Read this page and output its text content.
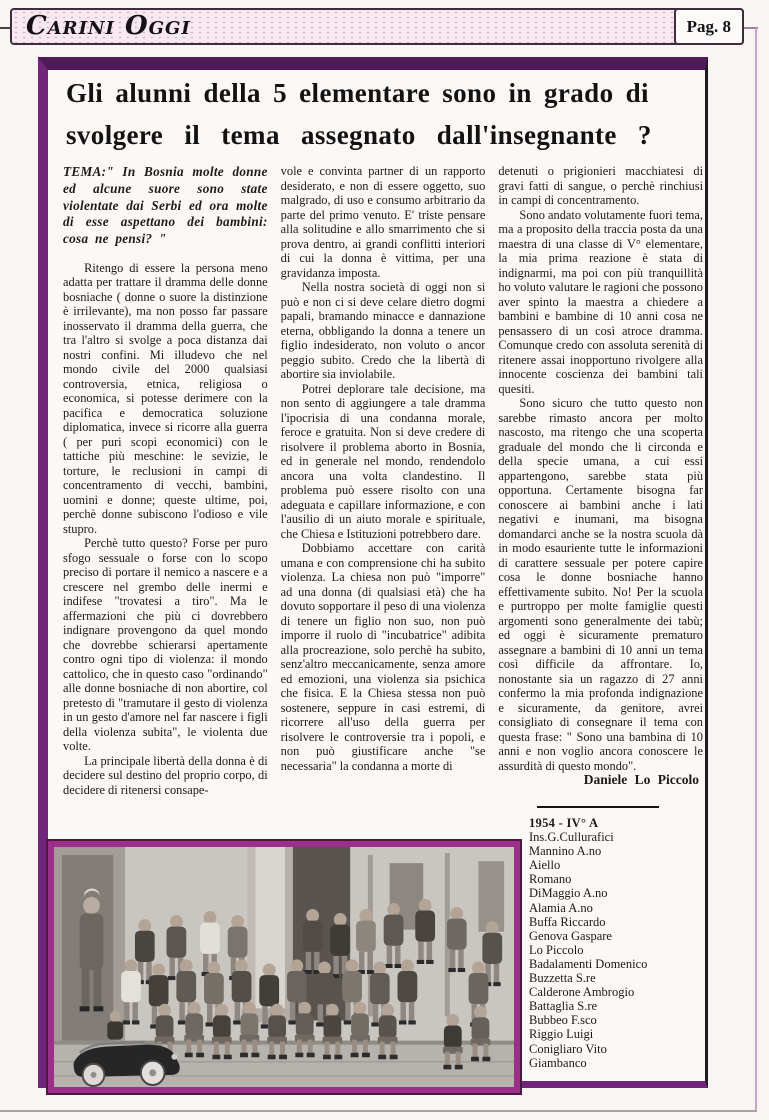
Carini Oggi	Pag. 8
Gli alunni della 5 elementare sono in grado di
svolgere il tema assegnato dall'insegnante ?

TEMA:" In Bosnia molte donne ed alcune suore sono state violentate dai Serbi ed ora molte di esse aspettano dei bambini: cosa ne pensi? "

Ritengo di essere la persona meno adatta per trattare il dramma delle donne bosniache ( donne o suore la distinzione è irrilevante), ma non posso far passare inosservato il dramma della guerra, che tra l'altro si svolge a poca distanza dai nostri confini. Mi illudevo che nel mondo civile del 2000 qualsiasi controversia, etnica, religiosa o economica, si potesse derimere con la pacifica e democratica soluzione diplomatica, invece si ricorre alla guerra ( per puri scopi economici) con le tattiche più meschine: le sevizie, le torture, le reclusioni in campi di concentramento di vecchi, bambini, uomini e donne; queste ultime, poi, perchè donne subiscono l'odioso e vile stupro.

Perchè tutto questo? Forse per puro sfogo sessuale o forse con lo scopo preciso di portare il nemico a nascere e a crescere nel grembo delle inermi e indifese "trovatesi a tiro". Ma le affermazioni che più ci dovrebbero indignare provengono da quel mondo che dovrebbe schierarsi apertamente contro ogni tipo di violenza: il mondo cattolico, che in questo caso "ordinando" alle donne bosniache di non abortire, col pretesto di "tramutare il gesto di violenza in un gesto d'amore nel far nascere i figli della violenza subita", le violenta due volte.

La principale libertà della donna è di decidere sul destino del proprio corpo, di decidere di ritenersi consape-

vole e convinta partner di un rapporto desiderato, e non di essere oggetto, suo malgrado, di uso e consumo arbitrario da parte del primo venuto. E' triste pensare alla solitudine e allo smarrimento che si prova dentro, ai grandi conflitti interiori di cui la donna è vittima, per una gravidanza imposta.

Nella nostra società di oggi non si può e non ci si deve celare dietro dogmi papali, bramando minacce e dannazione eterna, obbligando la donna a tenere un figlio indesiderato, non voluto o ancor peggio subito. Credo che la libertà di abortire sia inviolabile.

Potrei deplorare tale decisione, ma non sento di aggiungere a tale dramma l'ipocrisia di una condanna morale, feroce e gratuita. Non si deve credere di risolvere il problema aborto in Bosnia, ed in generale nel mondo, rendendolo ancora una volta clandestino. Il problema può essere risolto con una adeguata e capillare informazione, e con l'ausilio di un aiuto morale e spirituale, che Chiesa e Istituzioni potrebbero dare.

Dobbiamo accettare con carità umana e con comprensione chi ha subito violenza. La chiesa non può "imporre" ad una donna (di qualsiasi età) che ha dovuto sopportare il peso di una violenza di tenere un figlio non suo, non può imporre il ruolo di "incubatrice" adibita alla procreazione, solo perchè ha subito, senz'altro meccanicamente, senza amore ed emozioni, una violenza sia psichica che fisica. E la Chiesa stessa non può sostenere, seppure in casi estremi, di ricorrere all'uso della guerra per risolvere le controversie tra i popoli, e non può giustificare anche "se necessaria" la condanna a morte di

detenuti o prigionieri macchiatesi di gravi fatti di sangue, o perchè rinchiusi in campi di concentramento.

Sono andato volutamente fuori tema, ma a proposito della traccia posta da una maestra di una classe di V° elementare, la mia prima reazione è stata di indignarmi, ma poi con più tranquillità ho voluto valutare le ragioni che possono aver spinto la maestra a chiedere a bambini e bambine di 10 anni cosa ne pensassero di un così atroce dramma. Comunque credo con assoluta serenità di ritenere assai inopportuno rivolgere alla innocente coscienza dei bambini tali quesiti.

Sono sicuro che tutto questo non sarebbe rimasto ancora per molto nascosto, ma ritengo che una scoperta graduale del mondo che li circonda e della specie umana, a cui essi appartengono, sarebbe stata più opportuna. Certamente bisogna far conoscere ai bambini anche i lati negativi e inumani, ma bisogna domandarci anche se la nostra scuola dà in modo esauriente tutte le informazioni di carattere sessuale per potere capire cosa le donne bosniache hanno effettivamente subito. No! Per la scuola e purtroppo per molte famiglie questi argomenti sono generalmente dei tabù; ed oggi è sicuramente prematuro assegnare a bambini di 10 anni un tema così difficile da affrontare. Io, nonostante sia un ragazzo di 27 anni confermo la mia profonda indignazione e sicuramente, da genitore, avrei consigliato di consegnare il tema con questa frase: " Sono una bambina di 10 anni e non voglio ancora conoscere le assurdità di questo mondo".

Daniele Lo Piccolo

1954 - IV° A
Ins.G.Cullurafici
Mannino A.no
Aiello
Romano
DiMaggio A.no
Alamia A.no
Buffa Riccardo
Genova Gaspare
Lo Piccolo
Badalamenti Domenico
Buzzetta S.re
Calderone Ambrogio
Battaglia S.re
Bubbeo F.sco
Riggio Luigi
Conigliaro Vito
Giambanco
